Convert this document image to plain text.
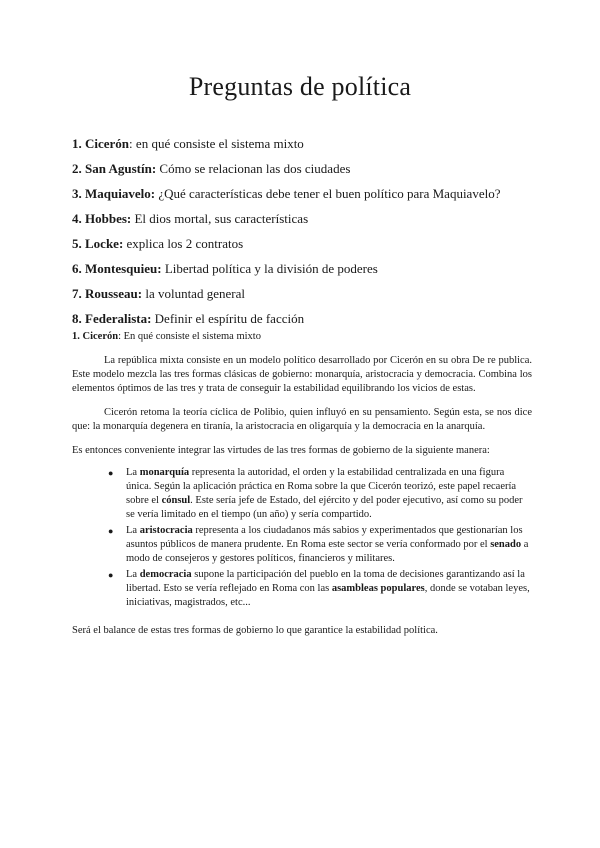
Preguntas de política
1. Cicerón: en qué consiste el sistema mixto
2. San Agustín: Cómo se relacionan las dos ciudades
3. Maquiavelo: ¿Qué características debe tener el buen político para Maquiavelo?
4. Hobbes: El dios mortal, sus características
5. Locke: explica los 2 contratos
6. Montesquieu: Libertad política y la división de poderes
7. Rousseau: la voluntad general
8. Federalista: Definir el espíritu de facción

1. Cicerón: En qué consiste el sistema mixto

La república mixta consiste en un modelo político desarrollado por Cicerón en su obra De re publica. Este modelo mezcla las tres formas clásicas de gobierno: monarquía, aristocracia y democracia. Combina los elementos óptimos de las tres y trata de conseguir la estabilidad equilibrando los vicios de estas.

Cicerón retoma la teoría cíclica de Polibio, quien influyó en su pensamiento. Según esta, se nos dice que: la monarquía degenera en tiranía, la aristocracia en oligarquía y la democracia en la anarquía.

Es entonces conveniente integrar las virtudes de las tres formas de gobierno de la siguiente manera:

● La monarquía representa la autoridad, el orden y la estabilidad centralizada en una figura única. Según la aplicación práctica en Roma sobre la que Cicerón teorizó, este papel recaería sobre el cónsul. Este sería jefe de Estado, del ejército y del poder ejecutivo, así como su poder se vería limitado en el tiempo (un año) y sería compartido.
● La aristocracia representa a los ciudadanos más sabios y experimentados que gestionarían los asuntos públicos de manera prudente. En Roma este sector se vería conformado por el senado a modo de consejeros y gestores políticos, financieros y militares.
● La democracia supone la participación del pueblo en la toma de decisiones garantizando así la libertad. Esto se vería reflejado en Roma con las asambleas populares, donde se votaban leyes, iniciativas, magistrados, etc...

Será el balance de estas tres formas de gobierno lo que garantice la estabilidad política.
